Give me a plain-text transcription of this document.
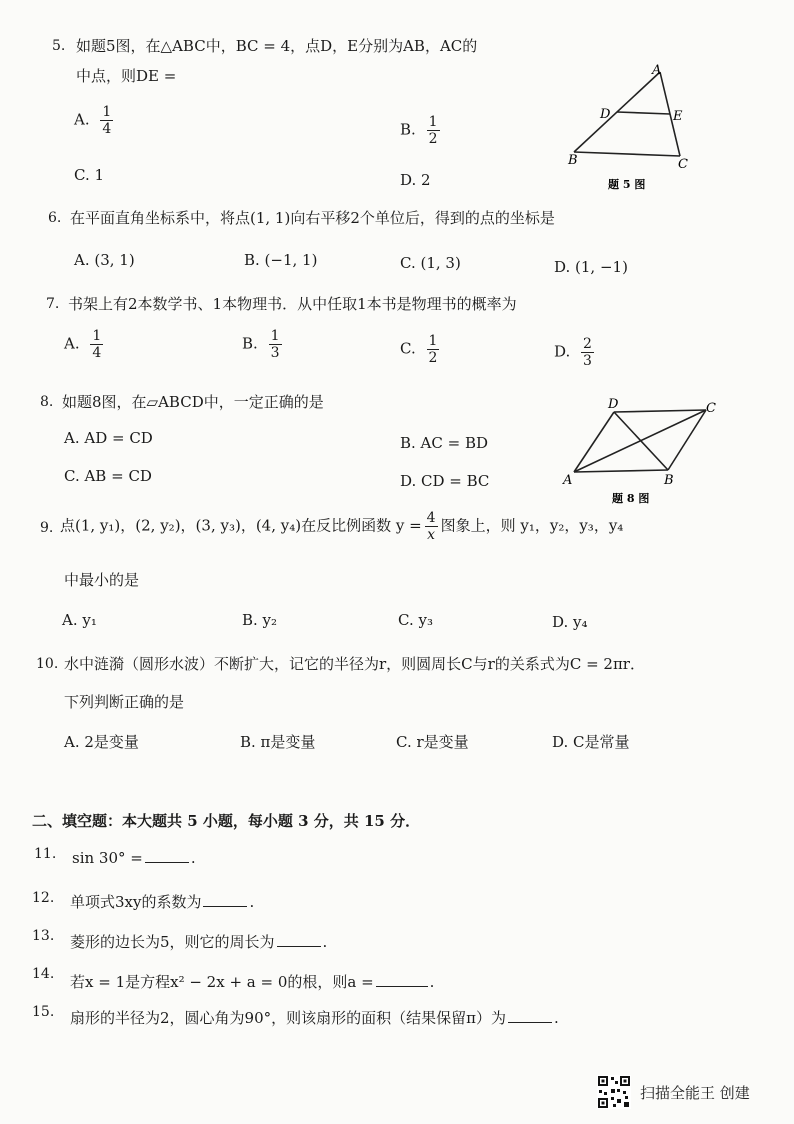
5. 如题5图，在△ABC中，BC = 4，点D，E分别为AB，AC的
中点，则DE =
A. $\frac{1}{4}$	B. $\frac{1}{2}$
C. 1	D. 2
A
D	E
B	C
题 5 图
6. 在平面直角坐标系中，将点(1, 1)向右平移2个单位后，得到的点的坐标是
A. (3, 1)	B. (−1, 1)	C. (1, 3)	D. (1, −1)
7. 书架上有2本数学书、1本物理书．从中任取1本书是物理书的概率为
A. $\frac{1}{4}$	B. $\frac{1}{3}$	C. $\frac{1}{2}$	D. $\frac{2}{3}$
8. 如题8图，在▱ABCD中，一定正确的是
A. AD = CD	B. AC = BD
C. AB = CD	D. CD = BC
D	C
A	B
题 8 图
9. 点(1, y₁)，(2, y₂)，(3, y₃)，(4, y₄)在反比例函数 $y = \frac{4}{x}$ 图象上，则 y₁，y₂，y₃，y₄
中最小的是
A. y₁	B. y₂	C. y₃	D. y₄
10. 水中涟漪（圆形水波）不断扩大，记它的半径为r，则圆周长C与r的关系式为C = 2πr．
下列判断正确的是
A. 2是变量	B. π是变量	C. r是变量	D. C是常量
二、填空题：本大题共 5 小题，每小题 3 分，共 15 分．
11. sin 30° =	.
12. 单项式3xy的系数为	.
13. 菱形的边长为5，则它的周长为	.
14. 若x = 1是方程x² − 2x + a = 0的根，则a =	.
15. 扇形的半径为2，圆心角为90°，则该扇形的面积（结果保留π）为	.
扫描全能王 创建
